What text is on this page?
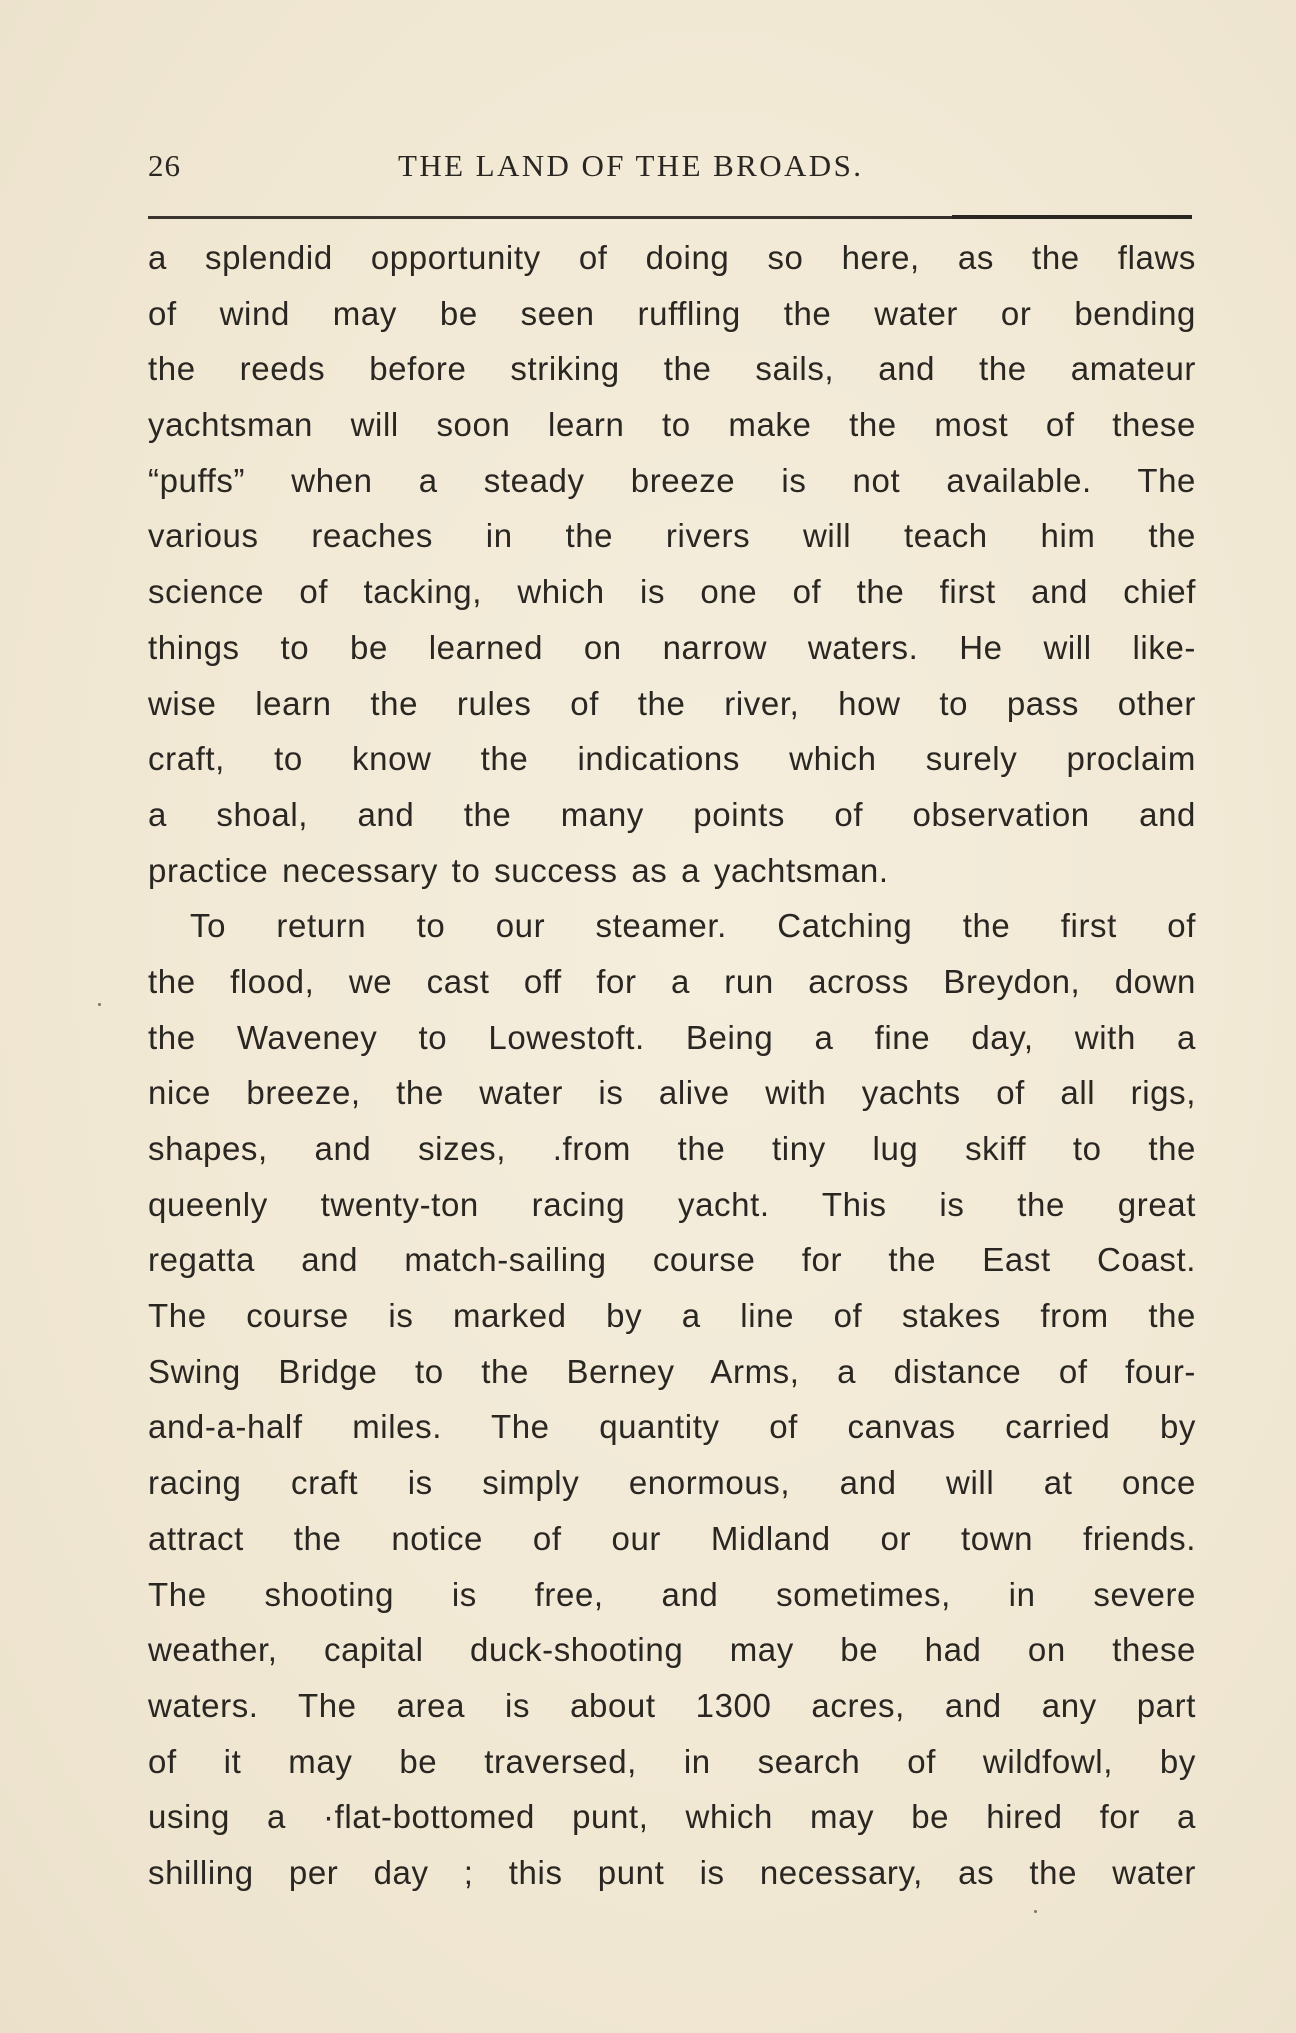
26	THE LAND OF THE BROADS.
a splendid opportunity of doing so here, as the flaws
of wind may be seen ruffling the water or bending
the reeds before striking the sails, and the amateur
yachtsman will soon learn to make the most of these
“puffs” when a steady breeze is not available. The
various reaches in the rivers will teach him the
science of tacking, which is one of the first and chief
things to be learned on narrow waters. He will like-
wise learn the rules of the river, how to pass other
craft, to know the indications which surely proclaim
a shoal, and the many points of observation and
practice necessary to success as a yachtsman.
To return to our steamer. Catching the first of
the flood, we cast off for a run across Breydon, down
the Waveney to Lowestoft. Being a fine day, with a
nice breeze, the water is alive with yachts of all rigs,
shapes, and sizes, .from the tiny lug skiff to the
queenly twenty-ton racing yacht. This is the great
regatta and match-sailing course for the East Coast.
The course is marked by a line of stakes from the
Swing Bridge to the Berney Arms, a distance of four-
and-a-half miles. The quantity of canvas carried by
racing craft is simply enormous, and will at once
attract the notice of our Midland or town friends.
The shooting is free, and sometimes, in severe
weather, capital duck-shooting may be had on these
waters. The area is about 1300 acres, and any part
of it may be traversed, in search of wildfowl, by
using a ·flat-bottomed punt, which may be hired for a
shilling per day ; this punt is necessary, as the water
